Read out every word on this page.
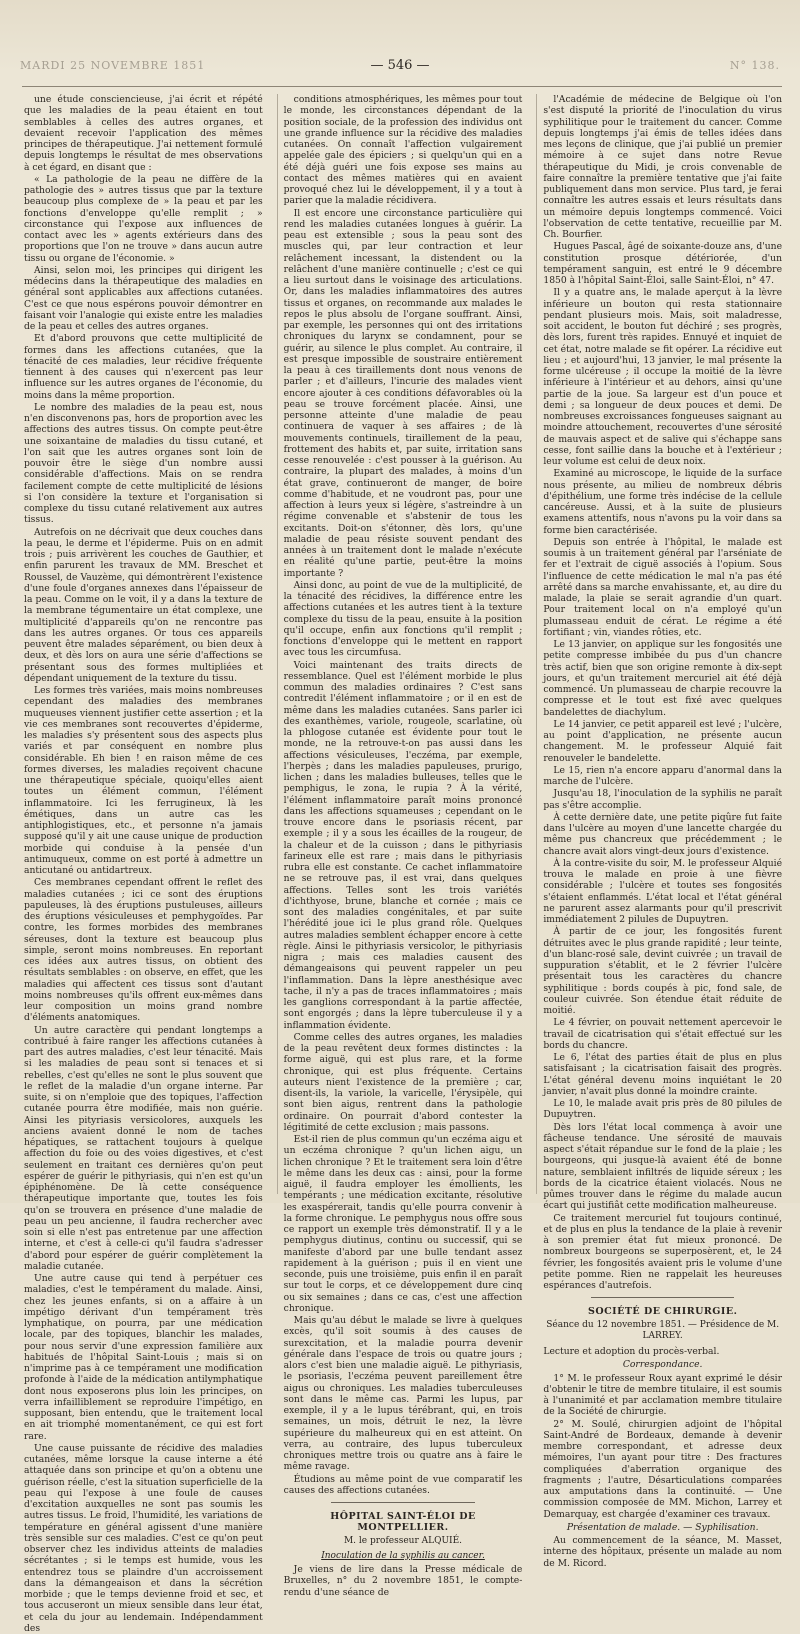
MARDI 25 NOVEMBRE 1851	— 546 —	N° 138.

une étude consciencieuse, j'ai écrit et répété que les maladies de la peau étaient en tout semblables à celles des autres organes, et devaient recevoir l'application des mêmes principes de thérapeutique. J'ai nettement formulé depuis longtemps le résultat de mes observations à cet égard, en disant que :

« La pathologie de la peau ne diffère de la pathologie des » autres tissus que par la texture beaucoup plus complexe de » la peau et par les fonctions d'enveloppe qu'elle remplit ; » circonstance qui l'expose aux influences de contact avec les » agents extérieurs dans des proportions que l'on ne trouve » dans aucun autre tissu ou organe de l'économie. »

Ainsi, selon moi, les principes qui dirigent les médecins dans la thérapeutique des maladies en général sont applicables aux affections cutanées. C'est ce que nous espérons pouvoir démontrer en faisant voir l'analogie qui existe entre les maladies de la peau et celles des autres organes.

Et d'abord prouvons que cette multiplicité de formes dans les affections cutanées, que la ténacité de ces maladies, leur récidive fréquente tiennent à des causes qui n'exercent pas leur influence sur les autres organes de l'économie, du moins dans la même proportion.

Le nombre des maladies de la peau est, nous n'en disconvenons pas, hors de proportion avec les affections des autres tissus. On compte peut-être une soixantaine de maladies du tissu cutané, et l'on sait que les autres organes sont loin de pouvoir être le siège d'un nombre aussi considérable d'affections. Mais on se rendra facilement compte de cette multiplicité de lésions si l'on considère la texture et l'organisation si complexe du tissu cutané relativement aux autres tissus.

Autrefois on ne décrivait que deux couches dans la peau, le derme et l'épiderme. Puis on en admit trois ; puis arrivèrent les couches de Gauthier, et enfin parurent les travaux de MM. Breschet et Roussel, de Vauzème, qui démontrèrent l'existence d'une foule d'organes annexes dans l'épaisseur de la peau. Comme on le voit, il y a dans la texture de la membrane tégumentaire un état complexe, une multiplicité d'appareils qu'on ne rencontre pas dans les autres organes. Or tous ces appareils peuvent être malades séparément, ou bien deux à deux, et dès lors on aura une série d'affections se présentant sous des formes multipliées et dépendant uniquement de la texture du tissu.

Les formes très variées, mais moins nombreuses cependant des maladies des membranes muqueuses viennent justifier cette assertion ; et la vie ces membranes sont recouvertes d'épiderme, les maladies s'y présentent sous des aspects plus variés et par conséquent en nombre plus considérable. Eh bien ! en raison même de ces formes diverses, les maladies reçoivent chacune une thérapeutique spéciale, quoiqu'elles aient toutes un élément commun, l'élément inflammatoire. Ici les ferrugineux, là les émétiques, dans un autre cas les antiphlogistiques, etc., et personne n'a jamais supposé qu'il y ait une cause unique de production morbide qui conduise à la pensée d'un antimuqueux, comme on est porté à admettre un anticutané ou antidartreux.

Ces membranes cependant offrent le reflet des maladies cutanées ; ici ce sont des éruptions papuleuses, là des éruptions pustuleuses, ailleurs des éruptions vésiculeuses et pemphygoïdes. Par contre, les formes morbides des membranes séreuses, dont la texture est beaucoup plus simple, seront moins nombreuses. En reportant ces idées aux autres tissus, on obtient des résultats semblables : on observe, en effet, que les maladies qui affectent ces tissus sont d'autant moins nombreuses qu'ils offrent eux-mêmes dans leur composition un moins grand nombre d'éléments anatomiques.

Un autre caractère qui pendant longtemps a contribué à faire ranger les affections cutanées à part des autres maladies, c'est leur ténacité. Mais si les maladies de peau sont si tenaces et si rebelles, c'est qu'elles ne sont le plus souvent que le reflet de la maladie d'un organe interne. Par suite, si on n'emploie que des topiques, l'affection cutanée pourra être modifiée, mais non guérie. Ainsi les pityriasis versicolores, auxquels les anciens avaient donné le nom de taches hépatiques, se rattachent toujours à quelque affection du foie ou des voies digestives, et c'est seulement en traitant ces dernières qu'on peut espérer de guérir le pithyriasis, qui n'en est qu'un épiphénomène. De là cette conséquence thérapeutique importante que, toutes les fois qu'on se trouvera en présence d'une maladie de peau un peu ancienne, il faudra rechercher avec soin si elle n'est pas entretenue par une affection interne, et c'est à celle-ci qu'il faudra s'adresser d'abord pour espérer de guérir complètement la maladie cutanée.

Une autre cause qui tend à perpétuer ces maladies, c'est le tempérament du malade. Ainsi, chez les jeunes enfants, si on a affaire à un impétigo dérivant d'un tempérament très lymphatique, on pourra, par une médication locale, par des topiques, blanchir les malades, pour nous servir d'une expression familière aux habitués de l'hôpital Saint-Louis ; mais si on n'imprime pas à ce tempérament une modification profonde à l'aide de la médication antilymphatique dont nous exposerons plus loin les principes, on verra infailliblement se reproduire l'impétigo, en supposant, bien entendu, que le traitement local en ait triomphé momentanément, ce qui est fort rare.

Une cause puissante de récidive des maladies cutanées, même lorsque la cause interne a été attaquée dans son principe et qu'on a obtenu une guérison réelle, c'est la situation superficielle de la peau qui l'expose à une foule de causes d'excitation auxquelles ne sont pas soumis les autres tissus. Le froid, l'humidité, les variations de température en général agissent d'une manière très sensible sur ces maladies. C'est ce qu'on peut observer chez les individus atteints de maladies sécrétantes ; si le temps est humide, vous les entendrez tous se plaindre d'un accroissement dans la démangeaison et dans la sécrétion morbide ; que le temps devienne froid et sec, et tous accuseront un mieux sensible dans leur état, et cela du jour au lendemain. Indépendamment des

conditions atmosphériques, les mêmes pour tout le monde, les circonstances dépendant de la position sociale, de la profession des individus ont une grande influence sur la récidive des maladies cutanées. On connaît l'affection vulgairement appelée gale des épiciers ; si quelqu'un qui en a été déjà guéri une fois expose ses mains au contact des mêmes matières qui en avaient provoqué chez lui le développement, il y a tout à parier que la maladie récidivera.

Il est encore une circonstance particulière qui rend les maladies cutanées longues à guérir. La peau est extensible ; sous la peau sont des muscles qui, par leur contraction et leur relâchement incessant, la distendent ou la relâchent d'une manière continuelle ; c'est ce qui a lieu surtout dans le voisinage des articulations. Or, dans les maladies inflammatoires des autres tissus et organes, on recommande aux malades le repos le plus absolu de l'organe souffrant. Ainsi, par exemple, les personnes qui ont des irritations chroniques du larynx se condamnent, pour se guérir, au silence le plus complet. Au contraire, il est presque impossible de soustraire entièrement la peau à ces tiraillements dont nous venons de parler ; et d'ailleurs, l'incurie des malades vient encore ajouter à ces conditions défavorables où la peau se trouve forcément placée. Ainsi, une personne atteinte d'une maladie de peau continuera de vaquer à ses affaires ; de là mouvements continuels, tiraillement de la peau, frottement des habits et, par suite, irritation sans cesse renouvelée : c'est pousser à la guérison. Au contraire, la plupart des malades, à moins d'un état grave, continueront de manger, de boire comme d'habitude, et ne voudront pas, pour une affection à leurs yeux si légère, s'astreindre à un régime convenable et s'abstenir de tous les excitants. Doit-on s'étonner, dès lors, qu'une maladie de peau résiste souvent pendant des années à un traitement dont le malade n'exécute en réalité qu'une partie, peut-être la moins importante ?

Ainsi donc, au point de vue de la multiplicité, de la ténacité des récidives, la différence entre les affections cutanées et les autres tient à la texture complexe du tissu de la peau, ensuite à la position qu'il occupe, enfin aux fonctions qu'il remplit ; fonctions d'enveloppe qui le mettent en rapport avec tous les circumfusa.

Voici maintenant des traits directs de ressemblance. Quel est l'élément morbide le plus commun des maladies ordinaires ? C'est sans contredit l'élément inflammatoire ; or il en est de même dans les maladies cutanées. Sans parler ici des exanthèmes, variole, rougeole, scarlatine, où la phlogose cutanée est évidente pour tout le monde, ne la retrouve-t-on pas aussi dans les affections vésiculeuses, l'eczéma, par exemple, l'herpès ; dans les maladies papuleuses, prurigo, lichen ; dans les maladies bulleuses, telles que le pemphigus, le zona, le rupia ? À la vérité, l'élément inflammatoire paraît moins prononcé dans les affections squameuses ; cependant on le trouve encore dans le psoriasis récent, par exemple ; il y a sous les écailles de la rougeur, de la chaleur et de la cuisson ; dans le pithyriasis farineux elle est rare ; mais dans le pithyriasis rubra elle est constante. Ce cachet inflammatoire ne se retrouve pas, il est vrai, dans quelques affections. Telles sont les trois variétés d'ichthyose, brune, blanche et cornée ; mais ce sont des maladies congénitales, et par suite l'hérédité joue ici le plus grand rôle. Quelques autres maladies semblent échapper encore à cette règle. Ainsi le pithyriasis versicolor, le pithyriasis nigra ; mais ces maladies causent des démangeaisons qui peuvent rappeler un peu l'inflammation. Dans la lèpre anesthésique avec tache, il n'y a pas de traces inflammatoires ; mais les ganglions correspondant à la partie affectée, sont engorgés ; dans la lèpre tuberculeuse il y a inflammation évidente.

Comme celles des autres organes, les maladies de la peau revêtent deux formes distinctes : la forme aiguë, qui est plus rare, et la forme chronique, qui est plus fréquente. Certains auteurs nient l'existence de la première ; car, disent-ils, la variole, la varicelle, l'érysipèle, qui sont bien aigus, rentrent dans la pathologie ordinaire. On pourrait d'abord contester la légitimité de cette exclusion ; mais passons.

Est-il rien de plus commun qu'un eczéma aigu et un eczéma chronique ? qu'un lichen aigu, un lichen chronique ? Et le traitement sera loin d'être le même dans les deux cas : ainsi, pour la forme aiguë, il faudra employer les émollients, les tempérants ; une médication excitante, résolutive les exaspérerait, tandis qu'elle pourra convenir à la forme chronique. Le pemphygus nous offre sous ce rapport un exemple très démonstratif. Il y a le pemphygus diutinus, continu ou successif, qui se manifeste d'abord par une bulle tendant assez rapidement à la guérison ; puis il en vient une seconde, puis une troisième, puis enfin il en paraît sur tout le corps, et ce développement dure cinq ou six semaines ; dans ce cas, c'est une affection chronique.

Mais qu'au début le malade se livre à quelques excès, qu'il soit soumis à des causes de surexcitation, et la maladie pourra devenir générale dans l'espace de trois ou quatre jours ; alors c'est bien une maladie aiguë. Le pithyriasis, le psoriasis, l'eczéma peuvent pareillement être aigus ou chroniques. Les maladies tuberculeuses sont dans le même cas. Parmi les lupus, par exemple, il y a le lupus térébrant, qui, en trois semaines, un mois, détruit le nez, la lèvre supérieure du malheureux qui en est atteint. On verra, au contraire, des lupus tuberculeux chroniques mettre trois ou quatre ans à faire le même ravage.

Étudions au même point de vue comparatif les causes des affections cutanées.

HÔPITAL SAINT-ÉLOI DE MONTPELLIER.
M. le professeur ALQUIÉ.
Inoculation de la syphilis au cancer.

Je viens de lire dans la Presse médicale de Bruxelles, n° du 2 novembre 1851, le compte-rendu d'une séance de

l'Académie de médecine de Belgique où l'on s'est disputé la priorité de l'inoculation du virus syphilitique pour le traitement du cancer. Comme depuis longtemps j'ai émis de telles idées dans mes leçons de clinique, que j'ai publié un premier mémoire à ce sujet dans notre Revue thérapeutique du Midi, je crois convenable de faire connaître la première tentative que j'ai faite publiquement dans mon service. Plus tard, je ferai connaître les autres essais et leurs résultats dans un mémoire depuis longtemps commencé. Voici l'observation de cette tentative, recueillie par M. Ch. Bourfier.

Hugues Pascal, âgé de soixante-douze ans, d'une constitution prosque détériorée, d'un tempérament sanguin, est entré le 9 décembre 1850 à l'hôpital Saint-Éloi, salle Saint-Éloi, n° 47.

Il y a quatre ans, le malade aperçut à la lèvre inférieure un bouton qui resta stationnaire pendant plusieurs mois. Mais, soit maladresse, soit accident, le bouton fut déchiré ; ses progrès, dès lors, furent très rapides. Ennuyé et inquiet de cet état, notre malade se fit opérer. La récidive eut lieu ; et aujourd'hui, 13 janvier, le mal présente la forme ulcéreuse ; il occupe la moitié de la lèvre inférieure à l'intérieur et au dehors, ainsi qu'une partie de la joue. Sa largeur est d'un pouce et demi ; sa longueur de deux pouces et demi. De nombreuses excroissances fongueuses saignant au moindre attouchement, recouvertes d'une sérosité de mauvais aspect et de salive qui s'échappe sans cesse, font saillie dans la bouche et à l'extérieur ; leur volume est celui de deux noix.

Examiné au microscope, le liquide de la surface nous présente, au milieu de nombreux débris d'épithélium, une forme très indécise de la cellule cancéreuse. Aussi, et à la suite de plusieurs examens attentifs, nous n'avons pu la voir dans sa forme bien caractérisée.

Depuis son entrée à l'hôpital, le malade est soumis à un traitement général par l'arséniate de fer et l'extrait de ciguë associés à l'opium. Sous l'influence de cette médication le mal n'a pas été arrêté dans sa marche envahissante, et, au dire du malade, la plaie se serait agrandie d'un quart. Pour traitement local on n'a employé qu'un plumasseau enduit de cérat. Le régime a été fortifiant ; vin, viandes rôties, etc.

Le 13 janvier, on applique sur les fongosités une petite compresse imbibée du pus d'un chancre très actif, bien que son origine remonte à dix-sept jours, et qu'un traitement mercuriel ait été déjà commencé. Un plumasseau de charpie recouvre la compresse et le tout est fixé avec quelques bandelettes de diachylum.

Le 14 janvier, ce petit appareil est levé ; l'ulcère, au point d'application, ne présente aucun changement. M. le professeur Alquié fait renouveler le bandelette.

Le 15, rien n'a encore apparu d'anormal dans la marche de l'ulcère.

Jusqu'au 18, l'inoculation de la syphilis ne paraît pas s'être accomplie.

À cette dernière date, une petite piqûre fut faite dans l'ulcère au moyen d'une lancette chargée du même pus chancreux que précédemment ; le chancre avait alors vingt-deux jours d'existence.

À la contre-visite du soir, M. le professeur Alquié trouva le malade en proie à une fièvre considérable ; l'ulcère et toutes ses fongosités s'étaient enflammés. L'état local et l'état général ne parurent assez alarmants pour qu'il prescrivit immédiatement 2 pilules de Dupuytren.

À partir de ce jour, les fongosités furent détruites avec le plus grande rapidité ; leur teinte, d'un blanc-rosé sale, devint cuivrée ; un travail de suppuration s'établit, et le 2 février l'ulcère présentait tous les caractères du chancre syphilitique : bords coupés à pic, fond sale, de couleur cuivrée. Son étendue était réduite de moitié.

Le 4 février, on pouvait nettement apercevoir le travail de cicatrisation qui s'était effectué sur les bords du chancre.

Le 6, l'état des parties était de plus en plus satisfaisant ; la cicatrisation faisait des progrès. L'état général devenu moins inquiétant le 20 janvier, n'avait plus donné la moindre crainte.

Le 10, le malade avait pris près de 80 pilules de Dupuytren.

Dès lors l'état local commença à avoir une fâcheuse tendance. Une sérosité de mauvais aspect s'était répandue sur le fond de la plaie ; les bourgeons, qui jusque-là avaient été de bonne nature, semblaient infiltrés de liquide séreux ; les bords de la cicatrice étaient violacés. Nous ne pûmes trouver dans le régime du malade aucun écart qui justifiât cette modification malheureuse.

Ce traitement mercuriel fut toujours continué, et de plus en plus la tendance de la plaie à revenir à son premier état fut mieux prononcé. De nombreux bourgeons se superposèrent, et, le 24 février, les fongosités avaient pris le volume d'une petite pomme. Rien ne rappelait les heureuses espérances d'autrefois.

SOCIÉTÉ DE CHIRURGIE.
Séance du 12 novembre 1851. — Présidence de M. LARREY.

Lecture et adoption du procès-verbal.

Correspondance.

1° M. le professeur Roux ayant exprimé le désir d'obtenir le titre de membre titulaire, il est soumis à l'unanimité et par acclamation membre titulaire de la Société de chirurgie.

2° M. Soulé, chirurgien adjoint de l'hôpital Saint-André de Bordeaux, demande à devenir membre correspondant, et adresse deux mémoires, l'un ayant pour titre : Des fractures compliquées d'aberration organique des fragments ; l'autre, Désarticulations comparées aux amputations dans la continuité. — Une commission composée de MM. Michon, Larrey et Demarquay, est chargée d'examiner ces travaux.

Présentation de malade. — Syphilisation.

Au commencement de la séance, M. Masset, interne des hôpitaux, présente un malade au nom de M. Ricord.
